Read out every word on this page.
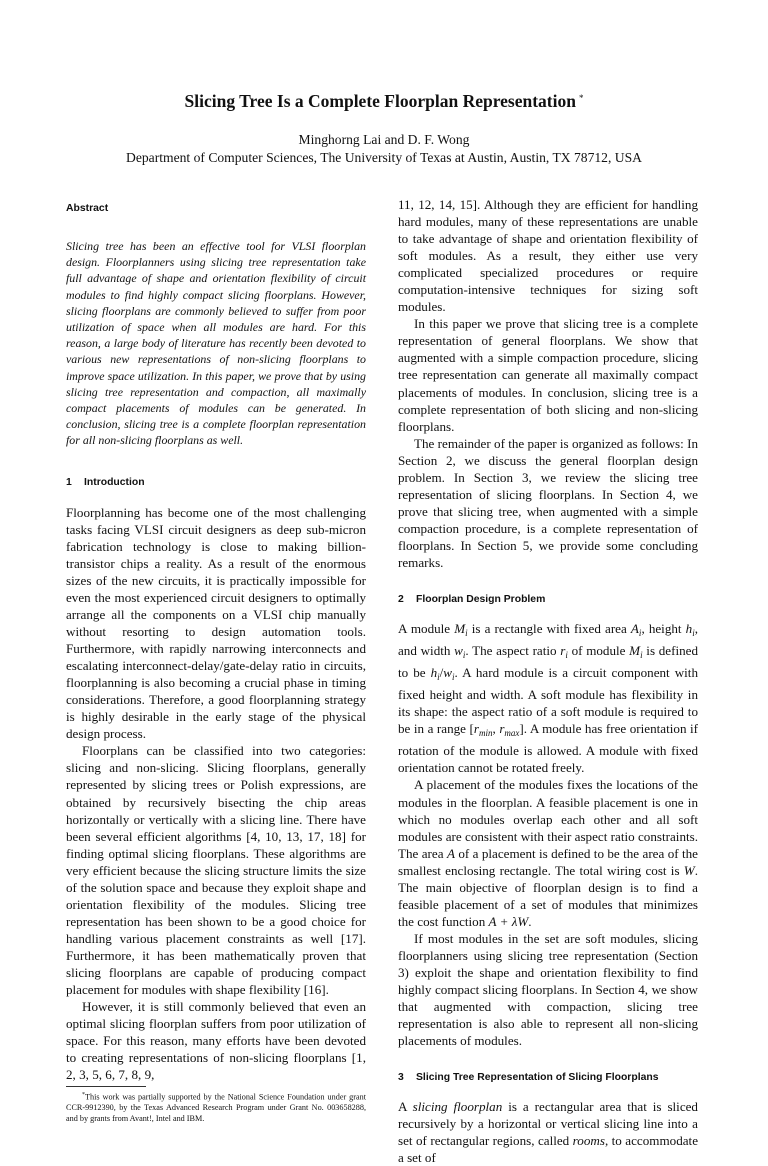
Slicing Tree Is a Complete Floorplan Representation *
Minghorng Lai and D. F. Wong
Department of Computer Sciences, The University of Texas at Austin, Austin, TX 78712, USA
Abstract

Slicing tree has been an effective tool for VLSI floorplan design. Floorplanners using slicing tree representation take full advantage of shape and orientation flexibility of circuit modules to find highly compact slicing floorplans. However, slicing floorplans are commonly believed to suffer from poor utilization of space when all modules are hard. For this reason, a large body of literature has recently been devoted to various new representations of non-slicing floorplans to improve space utilization. In this paper, we prove that by using slicing tree representation and compaction, all maximally compact placements of modules can be generated. In conclusion, slicing tree is a complete floorplan representation for all non-slicing floorplans as well.

1 Introduction

Floorplanning has become one of the most challenging tasks facing VLSI circuit designers as deep sub-micron fabrication technology is close to making billion-transistor chips a reality. As a result of the enormous sizes of the new circuits, it is practically impossible for even the most experienced circuit designers to optimally arrange all the components on a VLSI chip manually without resorting to design automation tools. Furthermore, with rapidly narrowing interconnects and escalating interconnect-delay/gate-delay ratio in circuits, floorplanning is also becoming a crucial phase in timing considerations. Therefore, a good floorplanning strategy is highly desirable in the early stage of the physical design process.

Floorplans can be classified into two categories: slicing and non-slicing. Slicing floorplans, generally represented by slicing trees or Polish expressions, are obtained by recursively bisecting the chip areas horizontally or vertically with a slicing line. There have been several efficient algorithms [4, 10, 13, 17, 18] for finding optimal slicing floorplans. These algorithms are very efficient because the slicing structure limits the size of the solution space and because they exploit shape and orientation flexibility of the modules. Slicing tree representation has been shown to be a good choice for handling various placement constraints as well [17]. Furthermore, it has been mathematically proven that slicing floorplans are capable of producing compact placement for modules with shape flexibility [16].

However, it is still commonly believed that even an optimal slicing floorplan suffers from poor utilization of space. For this reason, many efforts have been devoted to creating representations of non-slicing floorplans [1, 2, 3, 5, 6, 7, 8, 9,

*This work was partially supported by the National Science Foundation under grant CCR-9912390, by the Texas Advanced Research Program under Grant No. 003658288, and by grants from Avant!, Intel and IBM.

11, 12, 14, 15]. Although they are efficient for handling hard modules, many of these representations are unable to take advantage of shape and orientation flexibility of soft modules. As a result, they either use very complicated specialized procedures or require computation-intensive techniques for sizing soft modules.

In this paper we prove that slicing tree is a complete representation of general floorplans. We show that augmented with a simple compaction procedure, slicing tree representation can generate all maximally compact placements of modules. In conclusion, slicing tree is a complete representation of both slicing and non-slicing floorplans.

The remainder of the paper is organized as follows: In Section 2, we discuss the general floorplan design problem. In Section 3, we review the slicing tree representation of slicing floorplans. In Section 4, we prove that slicing tree, when augmented with a simple compaction procedure, is a complete representation of floorplans. In Section 5, we provide some concluding remarks.

2 Floorplan Design Problem

A module $M_i$ is a rectangle with fixed area $A_i$, height $h_i$, and width $w_i$. The aspect ratio $r_i$ of module $M_i$ is defined to be $h_i/w_i$. A hard module is a circuit component with fixed height and width. A soft module has flexibility in its shape: the aspect ratio of a soft module is required to be in a range [$r_{min}$, $r_{max}$]. A module has free orientation if rotation of the module is allowed. A module with fixed orientation cannot be rotated freely.

A placement of the modules fixes the locations of the modules in the floorplan. A feasible placement is one in which no modules overlap each other and all soft modules are consistent with their aspect ratio constraints. The area A of a placement is defined to be the area of the smallest enclosing rectangle. The total wiring cost is W. The main objective of floorplan design is to find a feasible placement of a set of modules that minimizes the cost function A + λW.

If most modules in the set are soft modules, slicing floorplanners using slicing tree representation (Section 3) exploit the shape and orientation flexibility to find highly compact slicing floorplans. In Section 4, we show that augmented with compaction, slicing tree representation is also able to represent all non-slicing placements of modules.

3 Slicing Tree Representation of Slicing Floorplans

A slicing floorplan is a rectangular area that is sliced recursively by a horizontal or vertical slicing line into a set of rectangular regions, called rooms, to accommodate a set of
